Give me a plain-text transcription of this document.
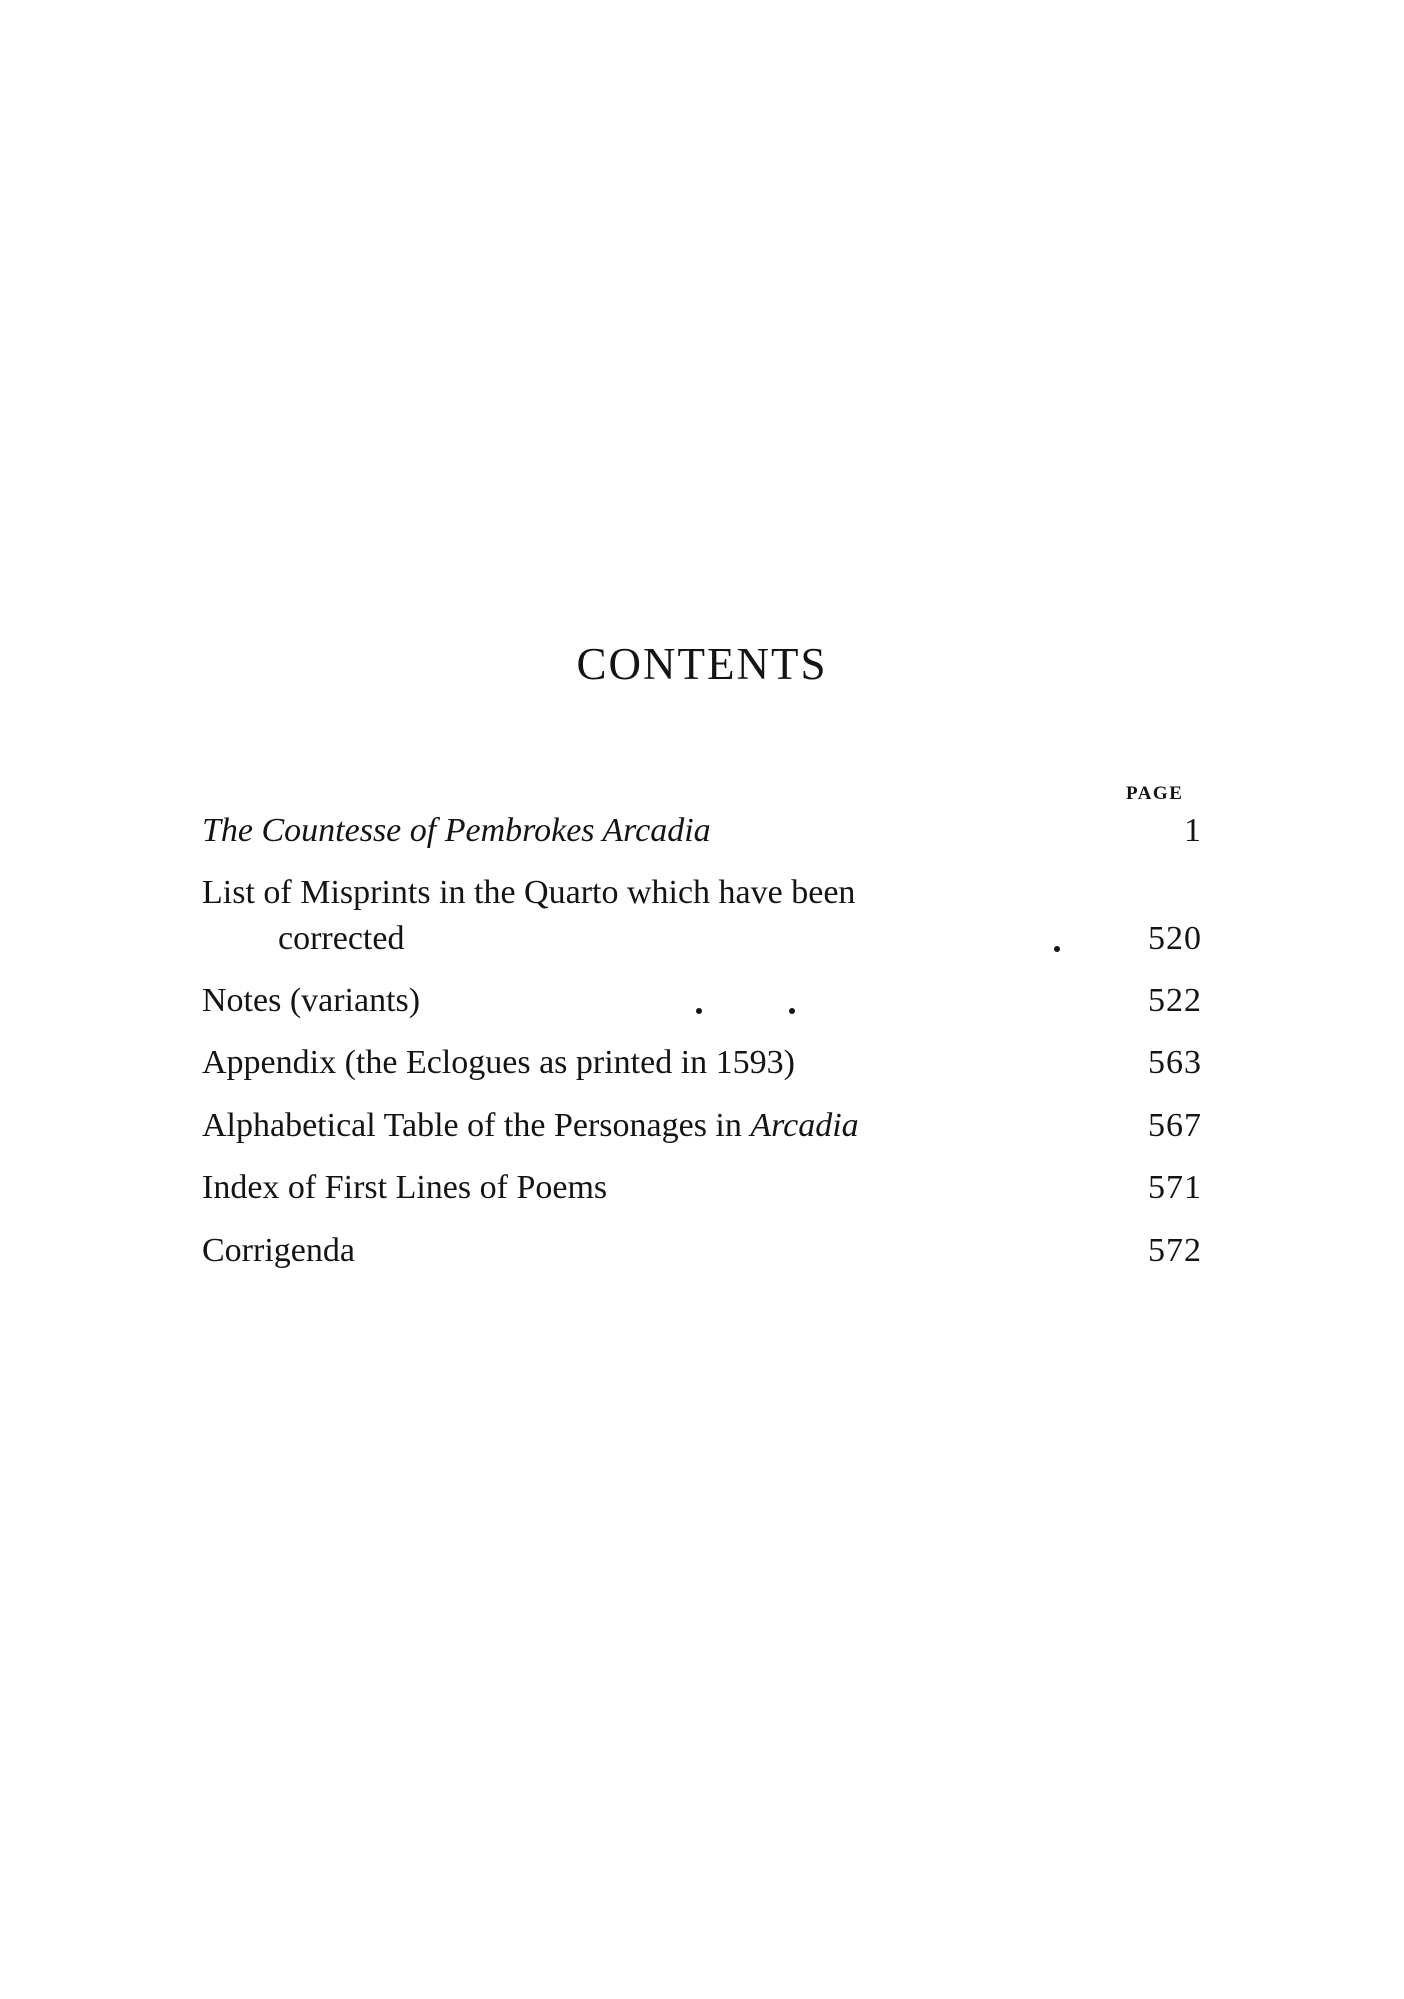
CONTENTS
PAGE
The Countesse of Pembrokes Arcadia	1
List of Misprints in the Quarto which have been
corrected	520
Notes (variants)	522
Appendix (the Eclogues as printed in 1593)	563
Alphabetical Table of the Personages in Arcadia	567
Index of First Lines of Poems	571
Corrigenda	572
